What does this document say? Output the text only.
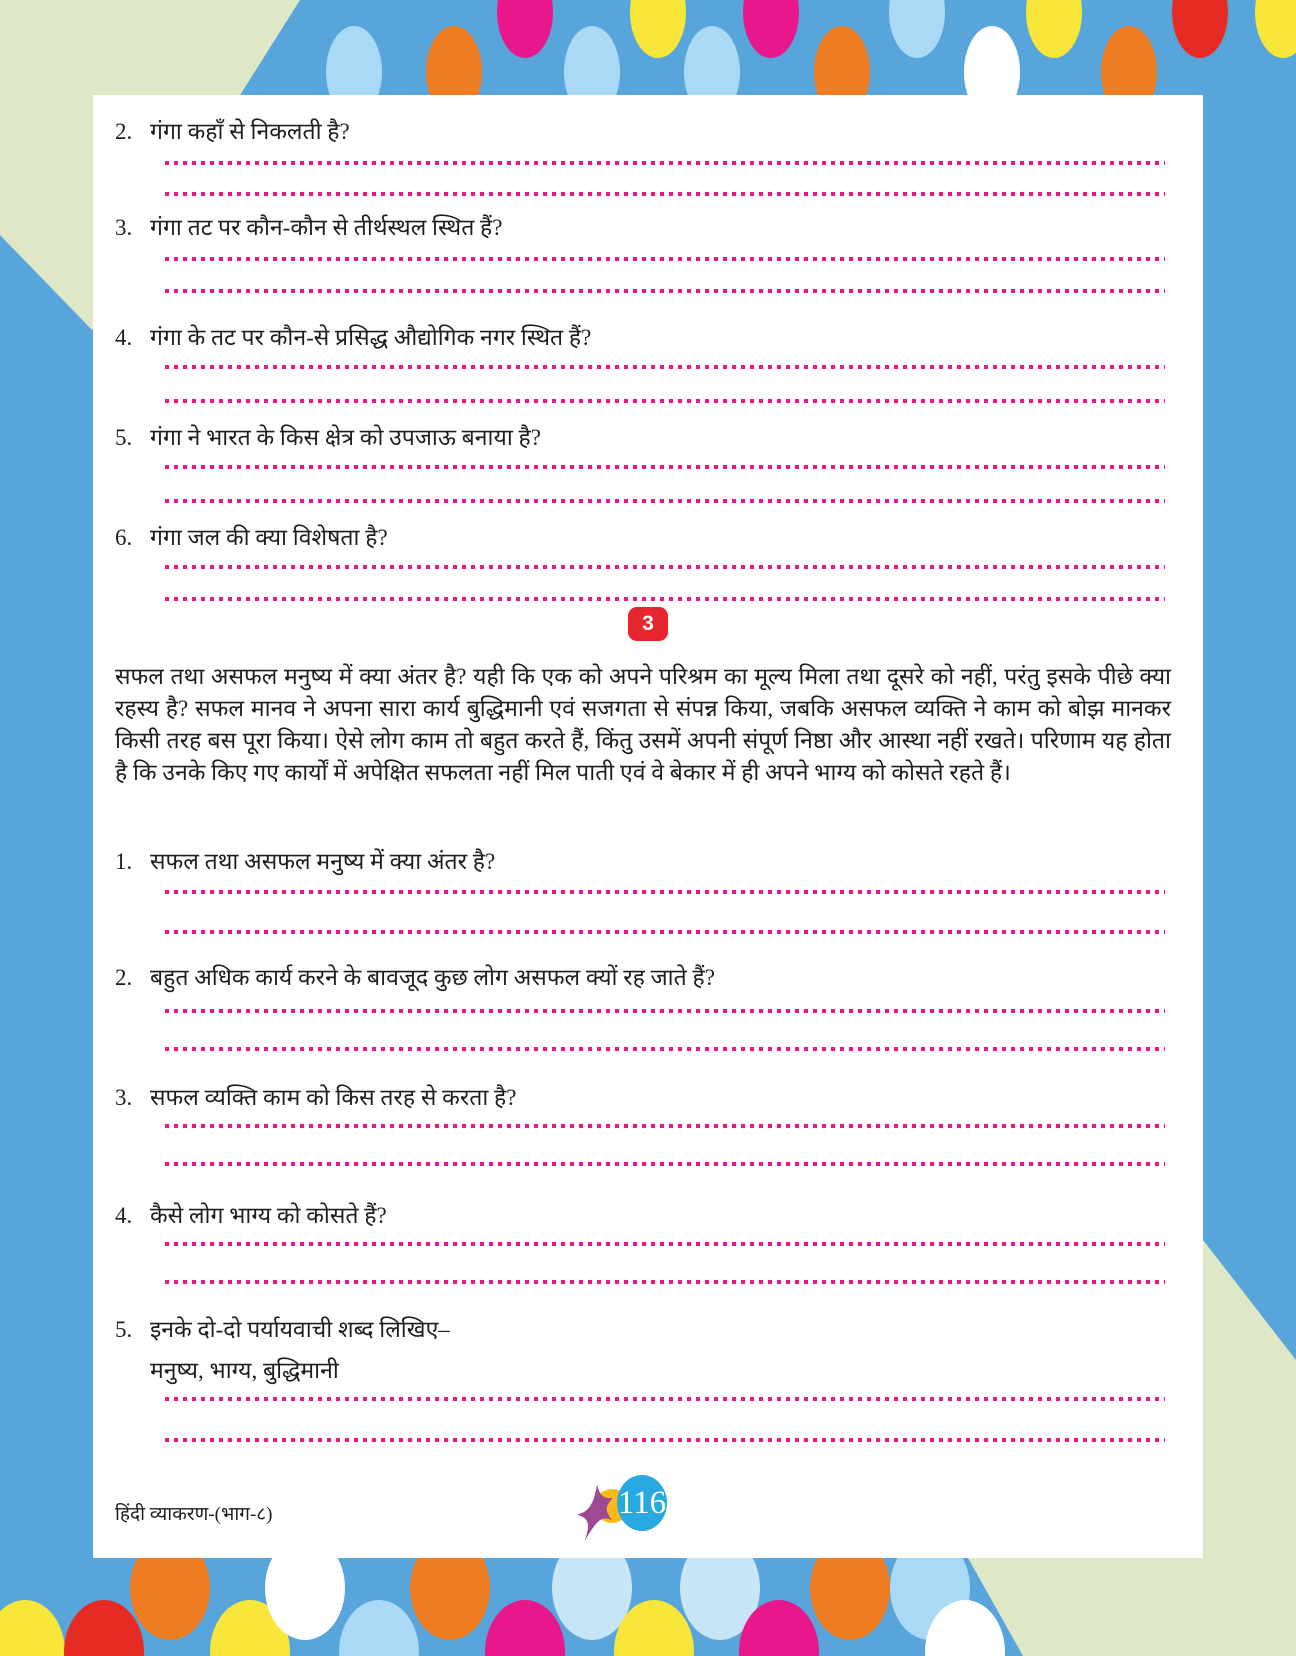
2. गंगा कहाँ से निकलती है?
3. गंगा तट पर कौन-कौन से तीर्थस्थल स्थित हैं?
4. गंगा के तट पर कौन-से प्रसिद्ध औद्योगिक नगर स्थित हैं?
5. गंगा ने भारत के किस क्षेत्र को उपजाऊ बनाया है?
6. गंगा जल की क्या विशेषता है?
3

सफल तथा असफल मनुष्य में क्या अंतर है? यही कि एक को अपने परिश्रम का मूल्य मिला तथा दूसरे को नहीं, परंतु इसके पीछे क्या रहस्य है? सफल मानव ने अपना सारा कार्य बुद्धिमानी एवं सजगता से संपन्न किया, जबकि असफल व्यक्ति ने काम को बोझ मानकर किसी तरह बस पूरा किया। ऐसे लोग काम तो बहुत करते हैं, किंतु उसमें अपनी संपूर्ण निष्ठा और आस्था नहीं रखते। परिणाम यह होता है कि उनके किए गए कार्यों में अपेक्षित सफलता नहीं मिल पाती एवं वे बेकार में ही अपने भाग्य को कोसते रहते हैं।

1. सफल तथा असफल मनुष्य में क्या अंतर है?
2. बहुत अधिक कार्य करने के बावजूद कुछ लोग असफल क्यों रह जाते हैं?
3. सफल व्यक्ति काम को किस तरह से करता है?
4. कैसे लोग भाग्य को कोसते हैं?
5. इनके दो-दो पर्यायवाची शब्द लिखिए–
मनुष्य, भाग्य, बुद्धिमानी
हिंदी व्याकरण-(भाग-८)	116
